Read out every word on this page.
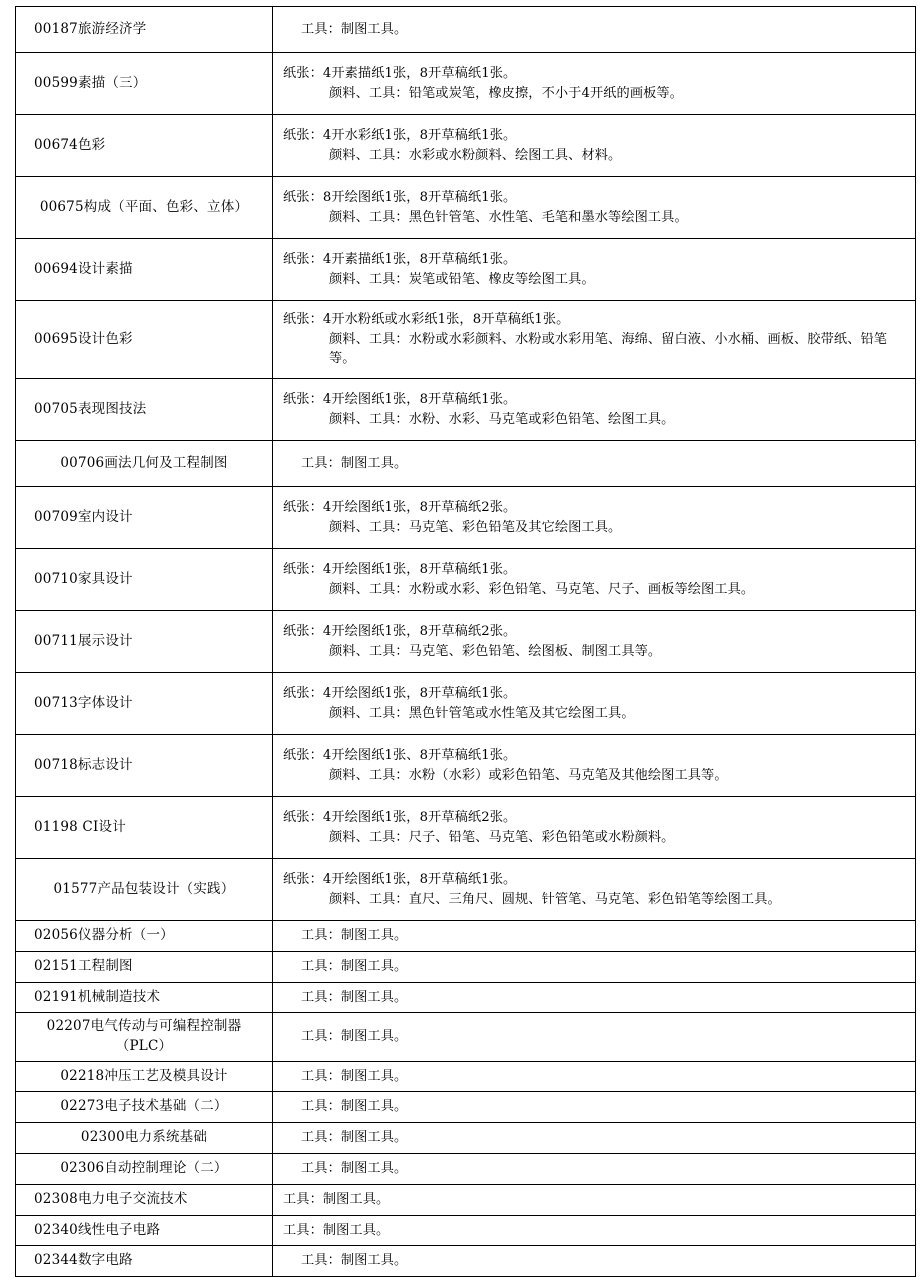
00187旅游经济学	工具：制图工具。

00599素描（三）	纸张：4开素描纸1张，8开草稿纸1张。
颜料、工具：铅笔或炭笔，橡皮擦，不小于4开纸的画板等。

00674色彩	纸张：4开水彩纸1张，8开草稿纸1张。
颜料、工具：水彩或水粉颜料、绘图工具、材料。

00675构成（平面、色彩、立体）	纸张：8开绘图纸1张，8开草稿纸1张。
颜料、工具：黑色针管笔、水性笔、毛笔和墨水等绘图工具。

00694设计素描	纸张：4开素描纸1张，8开草稿纸1张。
颜料、工具：炭笔或铅笔、橡皮等绘图工具。

00695设计色彩	纸张：4开水粉纸或水彩纸1张，8开草稿纸1张。
颜料、工具：水粉或水彩颜料、水粉或水彩用笔、海绵、留白液、小水桶、画板、胶带纸、铅笔等。

00705表现图技法	纸张：4开绘图纸1张，8开草稿纸1张。
颜料、工具：水粉、水彩、马克笔或彩色铅笔、绘图工具。

00706画法几何及工程制图	工具：制图工具。

00709室内设计	纸张：4开绘图纸1张，8开草稿纸2张。
颜料、工具：马克笔、彩色铅笔及其它绘图工具。

00710家具设计	纸张：4开绘图纸1张，8开草稿纸1张。
颜料、工具：水粉或水彩、彩色铅笔、马克笔、尺子、画板等绘图工具。

00711展示设计	纸张：4开绘图纸1张，8开草稿纸2张。
颜料、工具：马克笔、彩色铅笔、绘图板、制图工具等。

00713字体设计	纸张：4开绘图纸1张，8开草稿纸1张。
颜料、工具：黑色针管笔或水性笔及其它绘图工具。

00718标志设计	纸张：4开绘图纸1张、8开草稿纸1张。
颜料、工具：水粉（水彩）或彩色铅笔、马克笔及其他绘图工具等。

01198 CI设计	纸张：4开绘图纸1张，8开草稿纸2张。
颜料、工具：尺子、铅笔、马克笔、彩色铅笔或水粉颜料。

01577产品包装设计（实践）	纸张：4开绘图纸1张，8开草稿纸1张。
颜料、工具：直尺、三角尺、圆规、针管笔、马克笔、彩色铅笔等绘图工具。

02056仪器分析（一）	工具：制图工具。

02151工程制图	工具：制图工具。

02191机械制造技术	工具：制图工具。

02207电气传动与可编程控制器（PLC）	工具：制图工具。

02218冲压工艺及模具设计	工具：制图工具。

02273电子技术基础（二）	工具：制图工具。

02300电力系统基础	工具：制图工具。

02306自动控制理论（二）	工具：制图工具。

02308电力电子交流技术	工具：制图工具。

02340线性电子电路	工具：制图工具。

02344数字电路	工具：制图工具。
